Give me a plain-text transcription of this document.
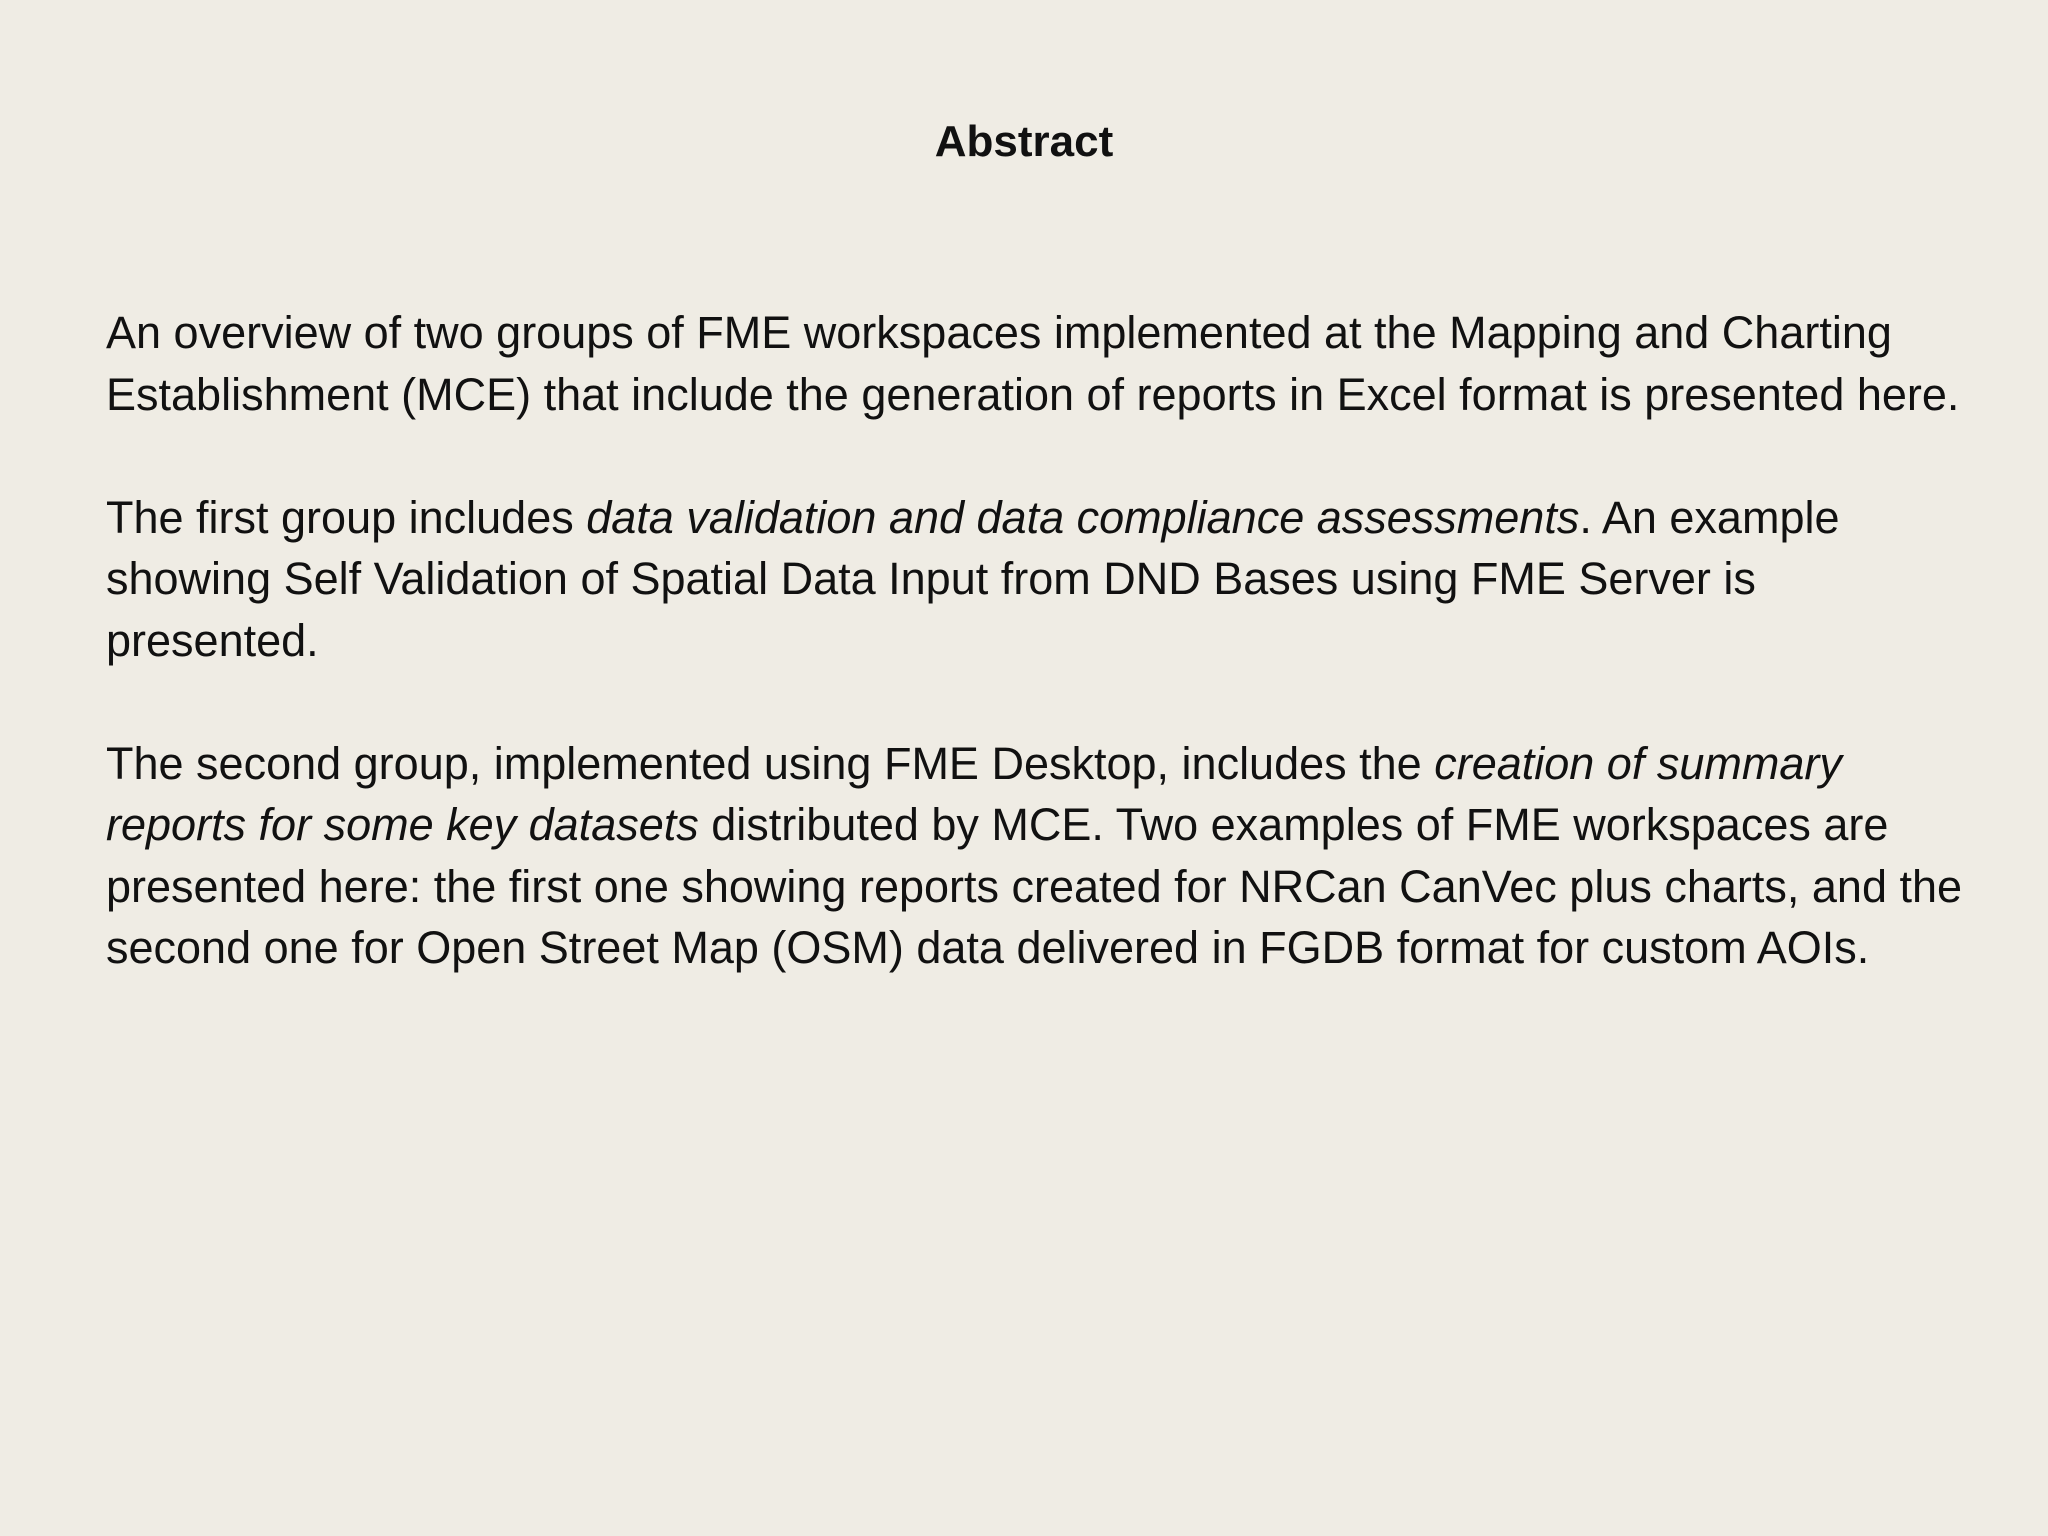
Abstract

An overview of two groups of FME workspaces implemented at the Mapping and Charting Establishment (MCE) that include the generation of reports in Excel format is presented here.

The first group includes data validation and data compliance assessments. An example showing Self Validation of Spatial Data Input from DND Bases using FME Server is presented.

The second group, implemented using FME Desktop, includes the creation of summary reports for some key datasets distributed by MCE. Two examples of FME workspaces are presented here: the first one showing reports created for NRCan CanVec plus charts, and the second one for Open Street Map (OSM) data delivered in FGDB format for custom AOIs.
